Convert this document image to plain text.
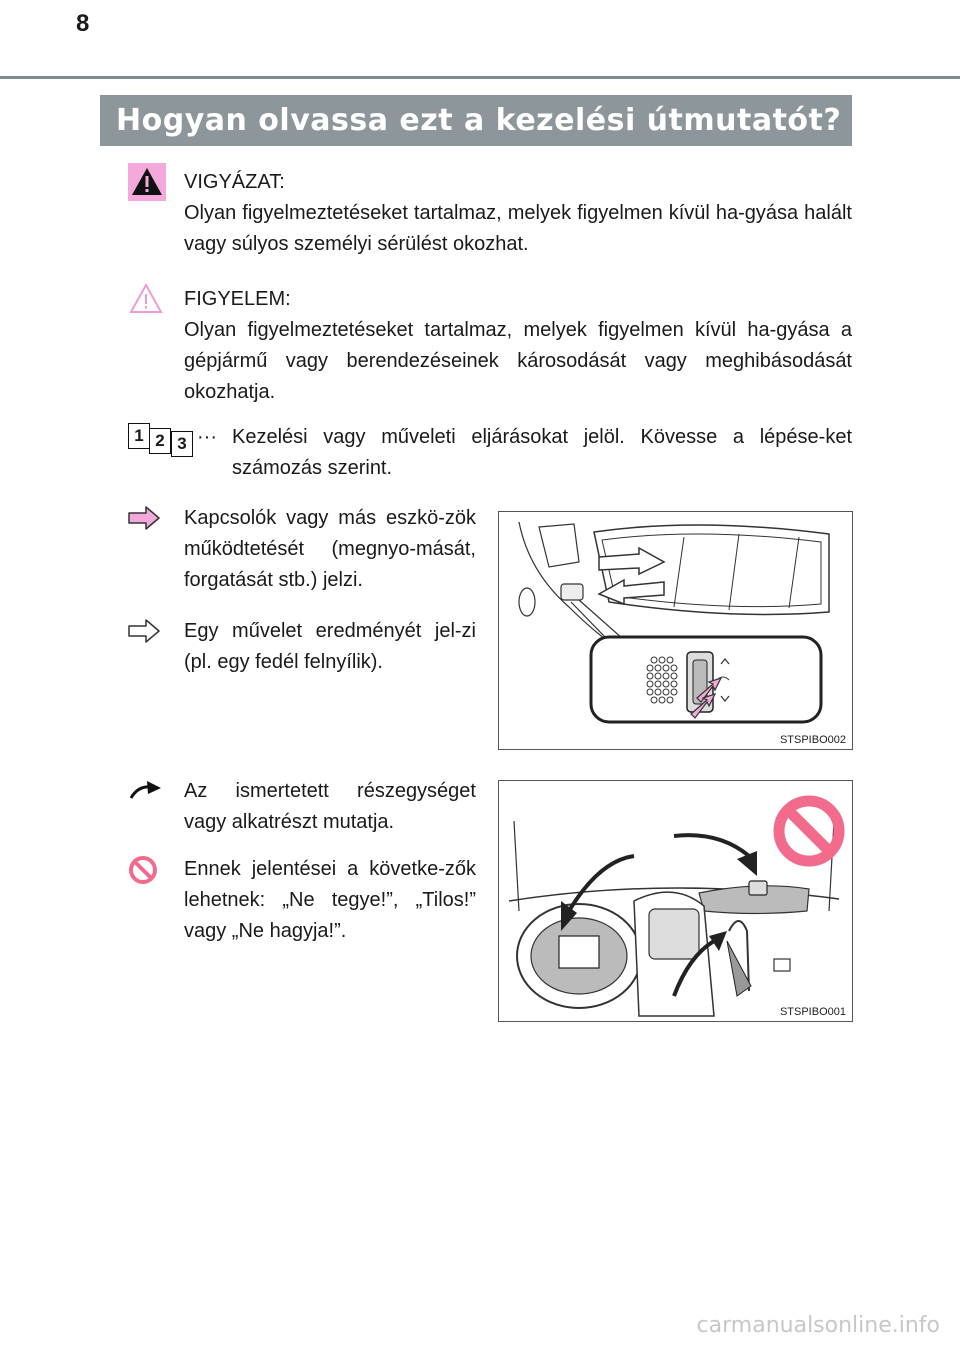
8
Hogyan olvassa ezt a kezelési útmutatót?

VIGYÁZAT:

Olyan figyelmeztetéseket tartalmaz, melyek figyelmen kívül ha-gyása halált vagy súlyos személyi sérülést okozhat.

FIGYELEM:

Olyan figyelmeztetéseket tartalmaz, melyek figyelmen kívül ha-gyása a gépjármű vagy berendezéseinek károsodását vagy meghibásodását okozhatja.

1 2 3 ··· Kezelési vagy műveleti eljárásokat jelöl. Kövesse a lépése-ket számozás szerint.
Kapcsolók vagy más eszkö-zök működtetését (megnyo-mását, forgatását stb.) jelzi.
Egy művelet eredményét jel-zi (pl. egy fedél felnyílik).
STSPIBO002
Az ismertetett részegységet vagy alkatrészt mutatja.
Ennek jelentései a követke-zők lehetnek: „Ne tegye!”, „Tilos!” vagy „Ne hagyja!”.
STSPIBO001
carmanualsonline.info
